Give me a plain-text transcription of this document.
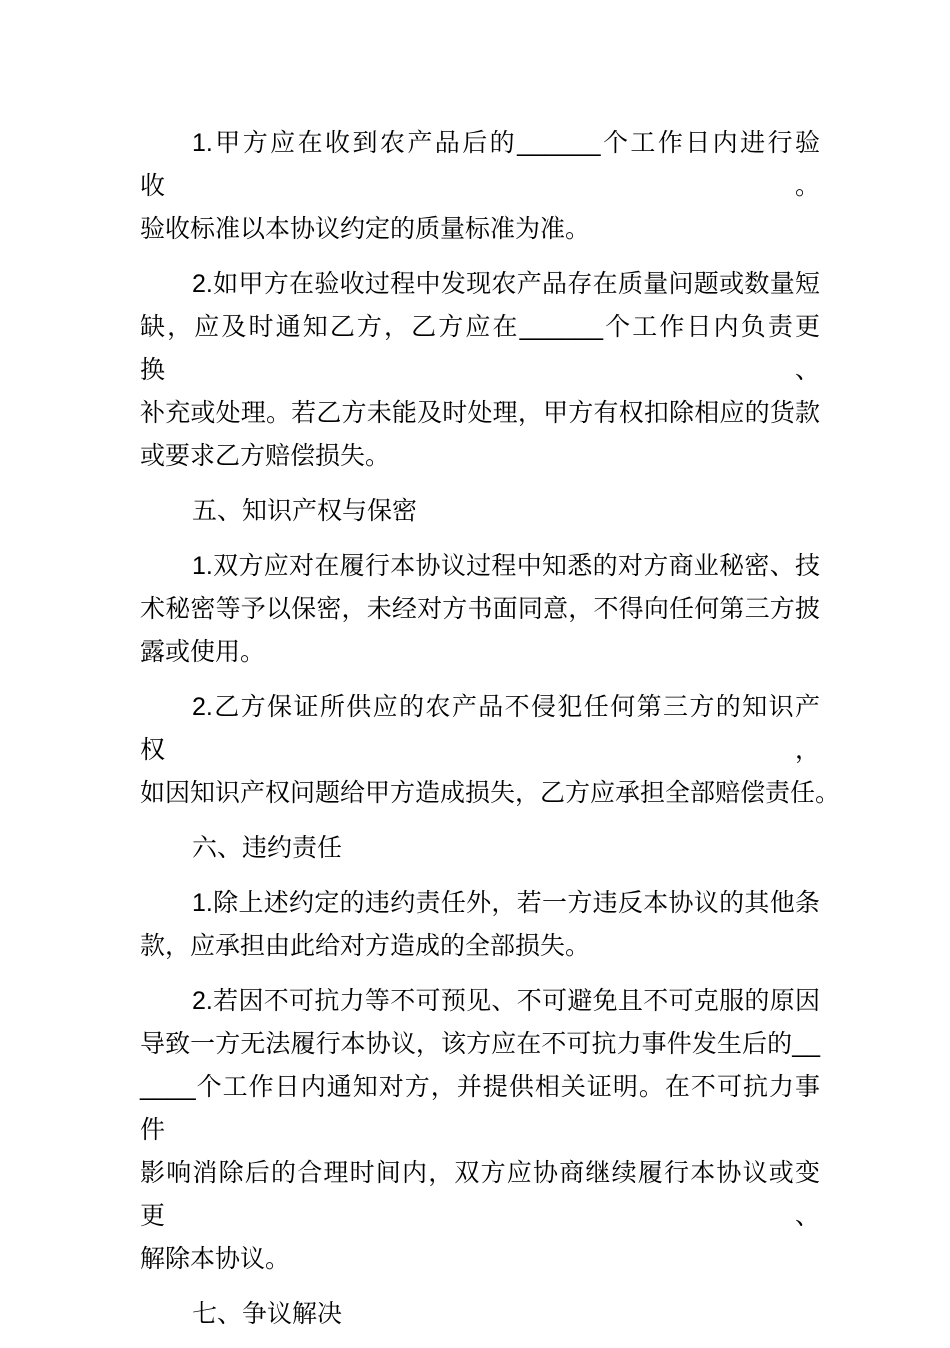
1.甲方应在收到农产品后的______个工作日内进行验收。
验收标准以本协议约定的质量标准为准。
2.如甲方在验收过程中发现农产品存在质量问题或数量短
缺，应及时通知乙方，乙方应在______个工作日内负责更换、
补充或处理。若乙方未能及时处理，甲方有权扣除相应的货款
或要求乙方赔偿损失。
五、知识产权与保密
1.双方应对在履行本协议过程中知悉的对方商业秘密、技
术秘密等予以保密，未经对方书面同意，不得向任何第三方披
露或使用。
2.乙方保证所供应的农产品不侵犯任何第三方的知识产权，
如因知识产权问题给甲方造成损失，乙方应承担全部赔偿责任。
六、违约责任
1.除上述约定的违约责任外，若一方违反本协议的其他条
款，应承担由此给对方造成的全部损失。
2.若因不可抗力等不可预见、不可避免且不可克服的原因
导致一方无法履行本协议，该方应在不可抗力事件发生后的__
____个工作日内通知对方，并提供相关证明。在不可抗力事件
影响消除后的合理时间内，双方应协商继续履行本协议或变更、
解除本协议。
七、争议解决
